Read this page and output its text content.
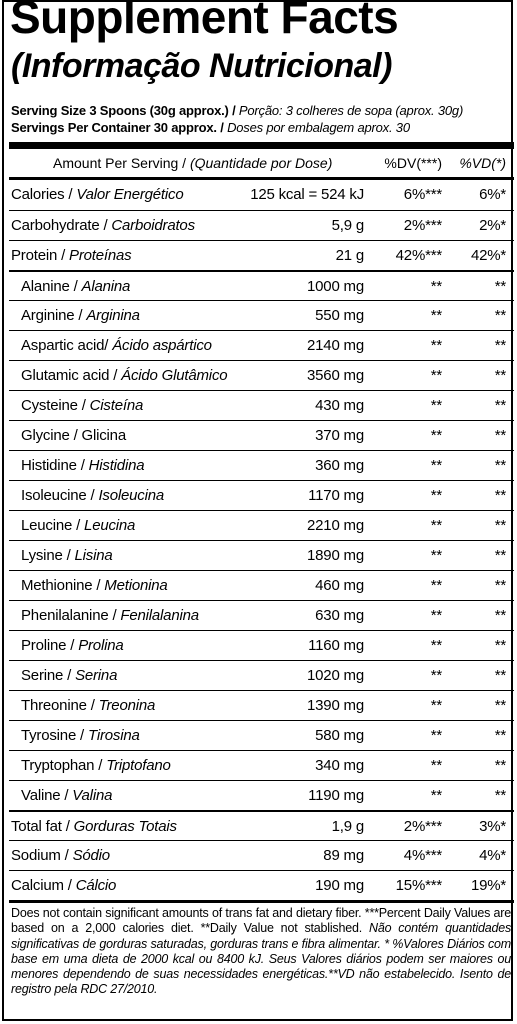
Supplement Facts
(Informação Nutricional)
Serving Size 3 Spoons (30g approx.) / Porção: 3 colheres de sopa (aprox. 30g)
Servings Per Container 30 approx. / Doses por embalagem aprox. 30
Amount Per Serving / (Quantidade por Dose)	%DV(***) %VD(*)
Calories / Valor Energético	125 kcal = 524 kJ	6%*** 6%*
Carbohydrate / Carboidratos	5,9 g	2%*** 2%*
Protein / Proteínas	21 g 42%*** 42%*
Alanine / Alanina	1000 mg	**	**
Arginine / Arginina	550 mg	**	**
Aspartic acid/ Ácido aspártico	2140 mg	**	**
Glutamic acid / Ácido Glutâmico	3560 mg	**	**
Cysteine / Cisteína	430 mg	**	**
Glycine / Glicina	370 mg	**	**
Histidine / Histidina	360 mg	**	**
Isoleucine / Isoleucina	1170 mg	**	**
Leucine / Leucina	2210 mg	**	**
Lysine / Lisina	1890 mg	**	**
Methionine / Metionina	460 mg	**	**
Phenilalanine / Fenilalanina	630 mg	**	**
Proline / Prolina	1160 mg	**	**
Serine / Serina	1020 mg	**	**
Threonine / Treonina	1390 mg	**	**
Tyrosine / Tirosina	580 mg	**	**
Tryptophan / Triptofano	340 mg	**	**
Valine / Valina	1190 mg	**	**
Total fat / Gorduras Totais	1,9 g	2%*** 3%*
Sodium / Sódio	89 mg	4%*** 4%*
Calcium / Cálcio	190 mg 15%*** 19%*
Does not contain significant amounts of trans fat and dietary fiber. ***Percent Daily Values are based on a 2,000 calories diet. **Daily Value not stablished. Não contém quantidades significativas de gorduras saturadas, gorduras trans e fibra alimentar. * %Valores Diários com base em uma dieta de 2000 kcal ou 8400 kJ. Seus Valores diários podem ser maiores ou menores dependendo de suas necessidades energéticas.**VD não estabelecido. Isento de registro pela RDC 27/2010.
